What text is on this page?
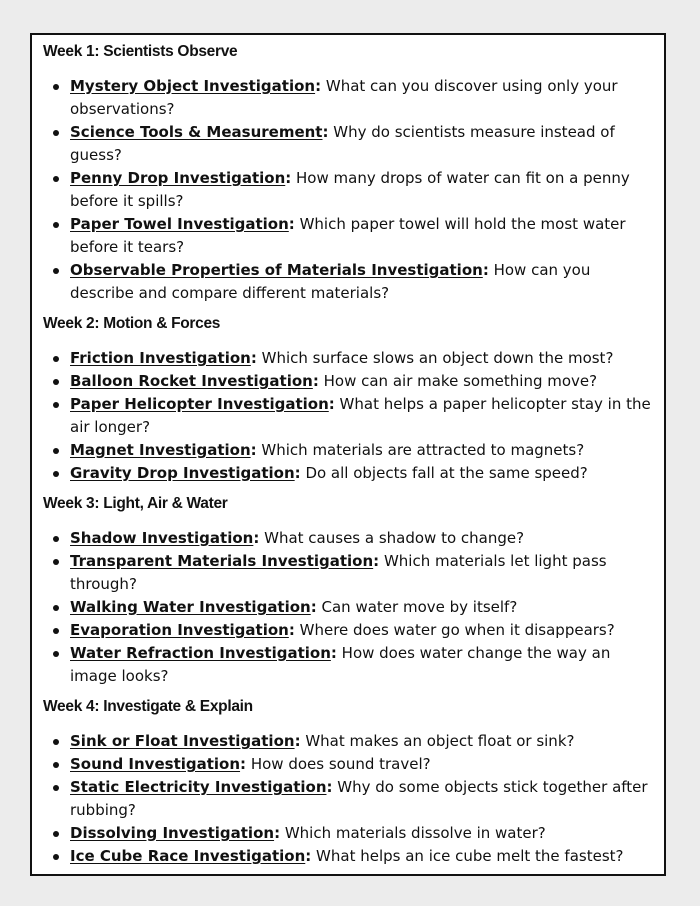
Week 1: Scientists Observe
Mystery Object Investigation: What can you discover using only your observations?
Science Tools & Measurement: Why do scientists measure instead of guess?
Penny Drop Investigation: How many drops of water can fit on a penny before it spills?
Paper Towel Investigation: Which paper towel will hold the most water before it tears?
Observable Properties of Materials Investigation: How can you describe and compare different materials?
Week 2: Motion & Forces
Friction Investigation: Which surface slows an object down the most?
Balloon Rocket Investigation: How can air make something move?
Paper Helicopter Investigation: What helps a paper helicopter stay in the air longer?
Magnet Investigation: Which materials are attracted to magnets?
Gravity Drop Investigation: Do all objects fall at the same speed?
Week 3: Light, Air & Water
Shadow Investigation: What causes a shadow to change?
Transparent Materials Investigation: Which materials let light pass through?
Walking Water Investigation: Can water move by itself?
Evaporation Investigation: Where does water go when it disappears?
Water Refraction Investigation: How does water change the way an image looks?
Week 4: Investigate & Explain
Sink or Float Investigation: What makes an object float or sink?
Sound Investigation: How does sound travel?
Static Electricity Investigation: Why do some objects stick together after rubbing?
Dissolving Investigation: Which materials dissolve in water?
Ice Cube Race Investigation: What helps an ice cube melt the fastest?
